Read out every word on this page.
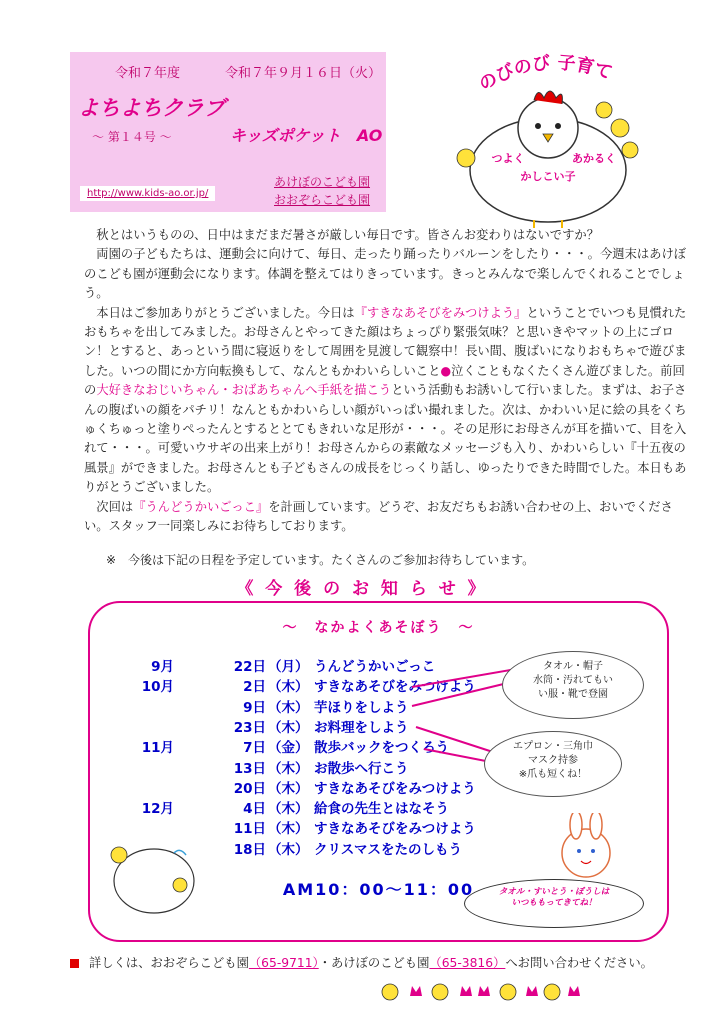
令和７年度	令和７年９月１６日（火）
よちよちクラブ
～ 第１４号 ～	キッズポケット　AO
http://www.kids-ao.or.jp/
あけぼのこども園
おおぞらこども園
のびのび 子育て
つよく	あかるく
かしこい子

秋とはいうものの、日中はまだまだ暑さが厳しい毎日です。皆さんお変わりはないですか？

両園の子どもたちは、運動会に向けて、毎日、走ったり踊ったりバルーンをしたり・・・。今週末はあけぼのこども園が運動会になります。体調を整えてはりきっています。きっとみんなで楽しんでくれることでしょう。

本日はご参加ありがとうございました。今日は『すきなあそびをみつけよう』ということでいつも見慣れたおもちゃを出してみました。お母さんとやってきた顔はちょっぴり緊張気味？と思いきやマットの上にゴロン！とすると、あっという間に寝返りをして周囲を見渡して観察中！長い間、腹ばいになりおもちゃで遊びました。いつの間にか方向転換もして、なんともかわいらしいこと●泣くこともなくたくさん遊びました。前回の大好きなおじいちゃん・おばあちゃんへ手紙を描こうという活動もお誘いして行いました。まずは、お子さんの腹ばいの顔をパチリ！なんともかわいらしい顔がいっぱい撮れました。次は、かわいい足に絵の具をくちゅくちゅっと塗りぺったんとするととてもきれいな足形が・・・。その足形にお母さんが耳を描いて、目を入れて・・・。可愛いウサギの出来上がり！お母さんからの素敵なメッセージも入り、かわいらしい『十五夜の風景』ができました。お母さんとも子どもさんの成長をじっくり話し、ゆったりできた時間でした。本日もありがとうございました。

次回は『うんどうかいごっこ』を計画しています。どうぞ、お友だちもお誘い合わせの上、おいでください。スタッフ一同楽しみにお待ちしております。

※　今後は下記の日程を予定しています。たくさんのご参加お待ちしています。
《 今 後 の お 知 ら せ 》
～　なかよくあそぼう　～
9月	22日 （月） うんどうかいごっこ
10月	2日 （木） すきなあそびをみつけよう
9日 （木） 芋ほりをしよう
23日 （木） お料理をしよう
11月	7日 （金） 散歩バックをつくろう
13日 （木） お散歩へ行こう
20日 （木） すきなあそびをみつけよう
12月	4日 （木） 給食の先生とはなそう
11日 （木） すきなあそびをみつけよう
18日 （木） クリスマスをたのしもう
タオル・帽子
水筒・汚れてもい
い服・靴で登園
エプロン・三角巾
マスク持参
※爪も短くね！
AM10：00～11：00	タオル・すいとう・ぼうしは
いつももってきてね！
詳しくは、おおぞらこども園（65-9711）・あけぼのこども園（65-3816）へお問い合わせください。
